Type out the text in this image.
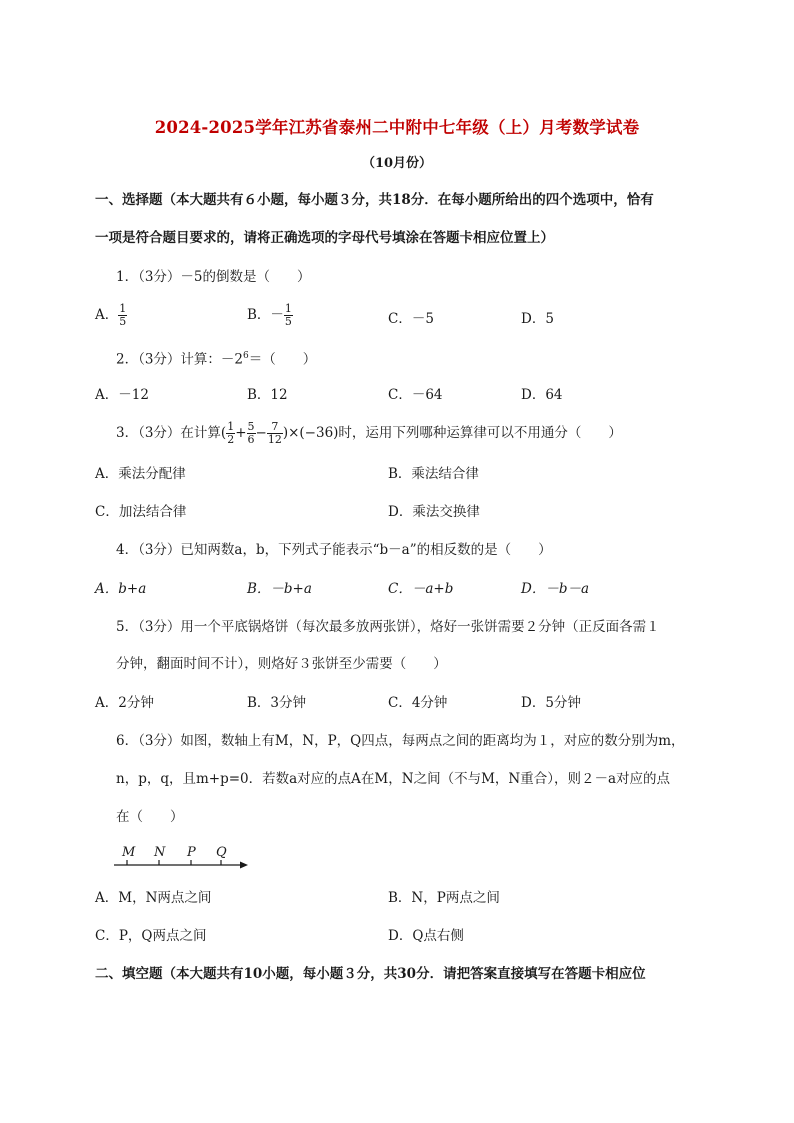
2024-2025学年江苏省泰州二中附中七年级（上）月考数学试卷
（10月份）
一、选择题（本大题共有６小题，每小题３分，共18分．在每小题所给出的四个选项中，恰有
一项是符合题目要求的，请将正确选项的字母代号填涂在答题卡相应位置上）
1．（3分）－5的倒数是（　　）
A． $\frac{1}{5}$	B．－ $\frac{1}{5}$	C．－5	D．5
2．（3分）计算：$-2^6=$（　　）
A．－12	B．12	C．－64	D．64
3．（3分）在计算( $\frac{1}{2} + \frac{5}{6} - \frac{7}{12} )\times(-36)$时，运用下列哪种运算律可以不用通分（　　）
A．乘法分配律	B．乘法结合律
C．加法结合律	D．乘法交换律
4．（3分）已知两数a，b，下列式子能表示“b－a”的相反数的是（　　）
A．b+a	B．－b+a	C．－a+b	D．－b－a
5．（3分）用一个平底锅烙饼（每次最多放两张饼），烙好一张饼需要２分钟（正反面各需１
分钟，翻面时间不计），则烙好３张饼至少需要（　　）
A．2分钟	B．3分钟	C．4分钟	D．5分钟
6．（3分）如图，数轴上有M，N，P，Q四点，每两点之间的距离均为１，对应的数分别为m，
n，p，q，且m+p=0．若数a对应的点A在M，N之间（不与M，N重合），则２－a对应的点
在（　　）
M N P Q
A．M，N两点之间	B．N，P两点之间
C．P，Q两点之间	D．Q点右侧
二、填空题（本大题共有10小题，每小题３分，共30分．请把答案直接填写在答题卡相应位
